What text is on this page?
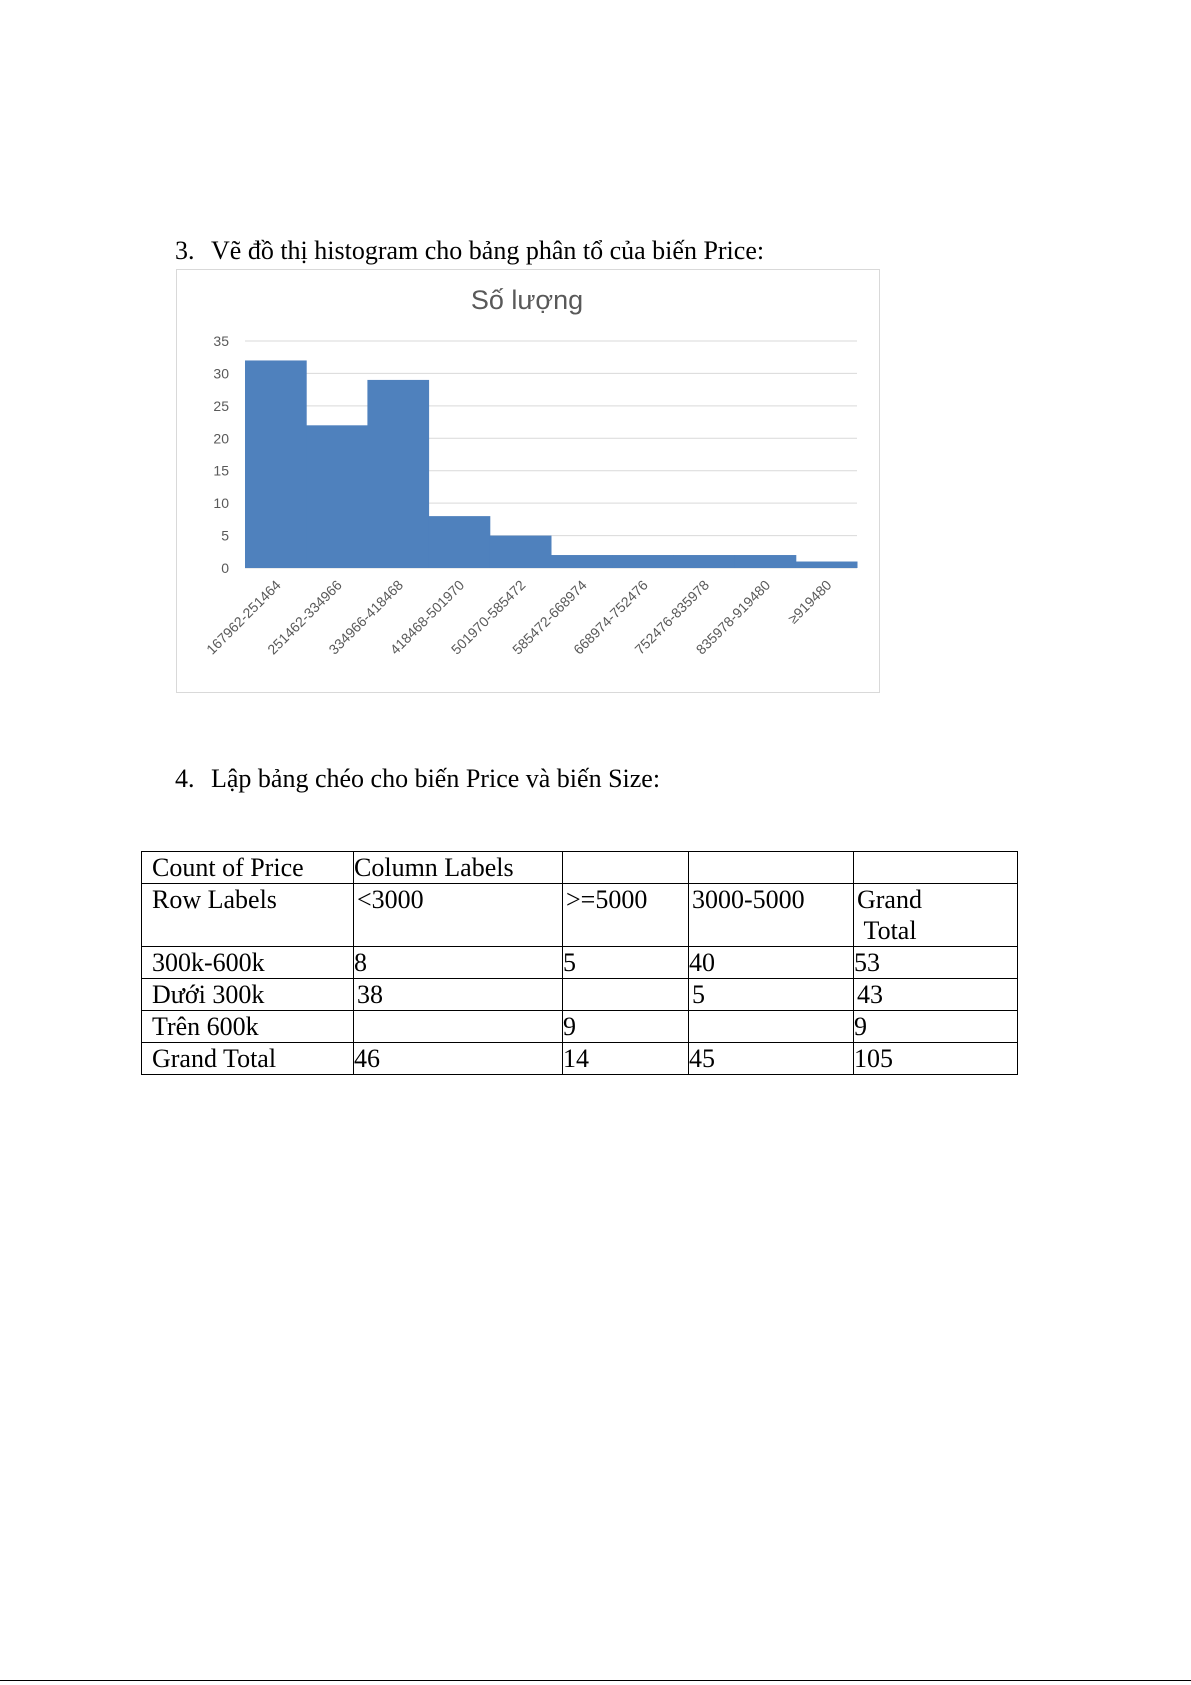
3. Vẽ đồ thị histogram cho bảng phân tổ của biến Price:
Số lượng
0
5
10
15
20
25
30
35
167962-251464
251462-334966
334966-418468
418468-501970
501970-585472
585472-668974
668974-752476
752476-835978
835978-919480 ≥919480
4. Lập bảng chéo cho biến Price và biến Size:
Count of Price	Column Labels			
Row Labels	<3000	>=5000	3000-5000	Grand
Total
300k-600k	8	5	40	53
Dưới 300k	38		5	43
Trên 600k		9		9
Grand Total	46	14	45	105
